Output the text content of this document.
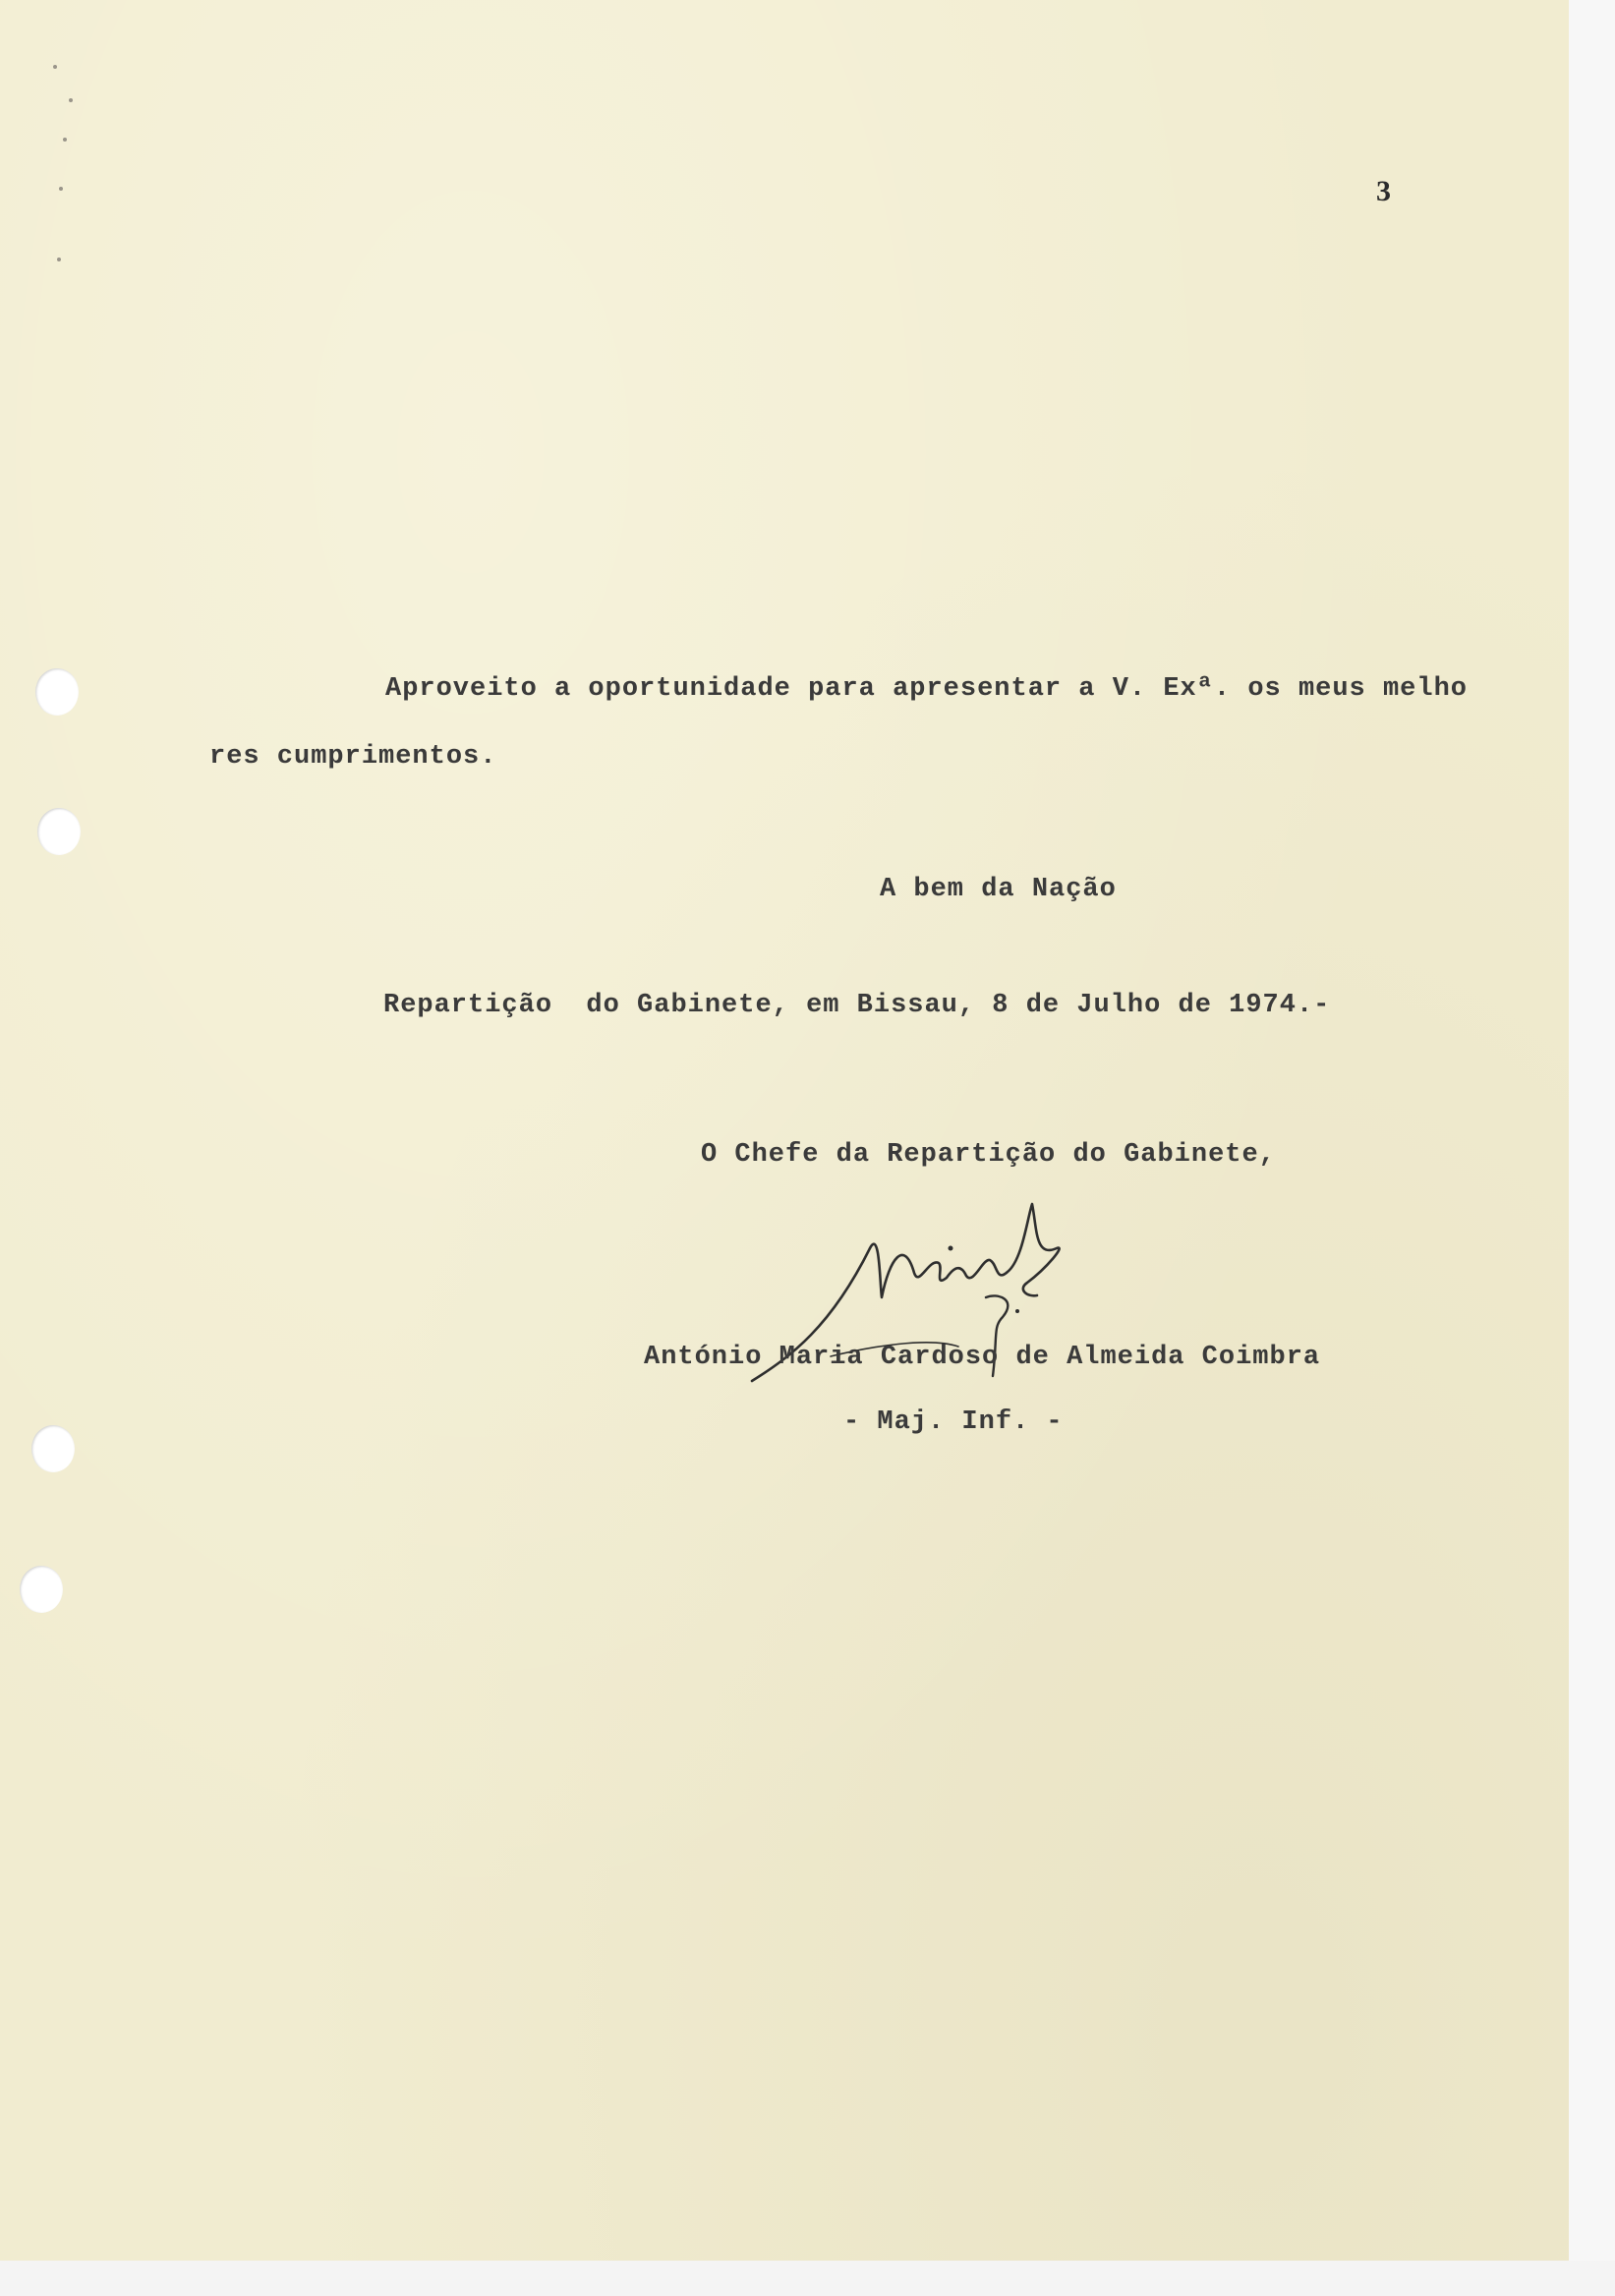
3
Aproveito a oportunidade para apresentar a V. Exª. os meus melho
res cumprimentos.
A bem da Nação
Repartição  do Gabinete, em Bissau, 8 de Julho de 1974.-
O Chefe da Repartição do Gabinete,
António Maria Cardoso de Almeida Coimbra
- Maj. Inf. -
